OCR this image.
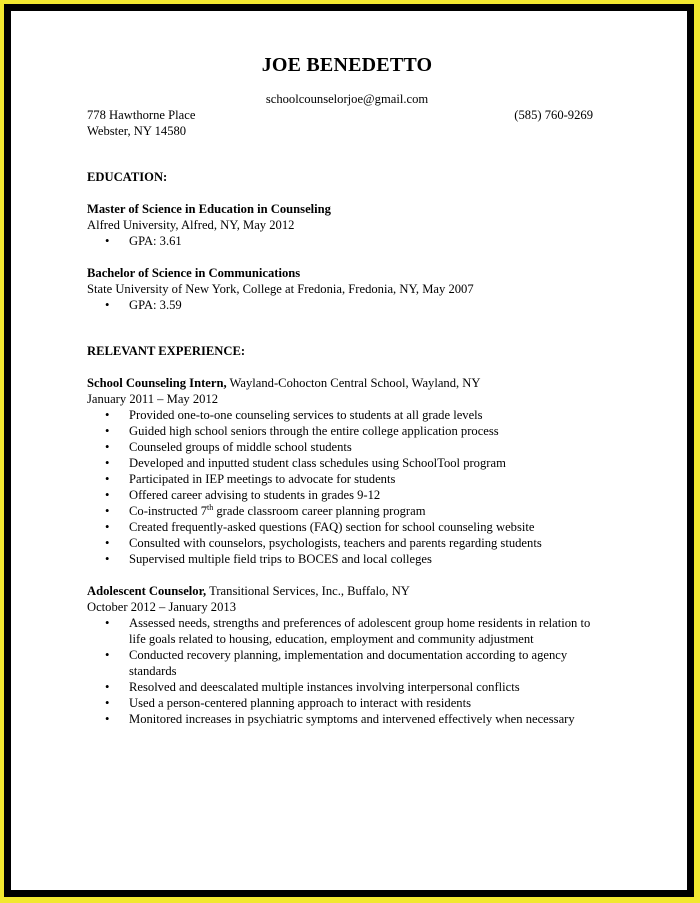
JOE BENEDETTO
schoolcounselorjoe@gmail.com
778 Hawthorne Place	(585) 760-9269
Webster, NY 14580
EDUCATION:
Master of Science in Education in Counseling
Alfred University, Alfred, NY, May 2012
• GPA: 3.61
Bachelor of Science in Communications
State University of New York, College at Fredonia, Fredonia, NY, May 2007
• GPA: 3.59
RELEVANT EXPERIENCE:
School Counseling Intern, Wayland-Cohocton Central School, Wayland, NY
January 2011 – May 2012
• Provided one-to-one counseling services to students at all grade levels
• Guided high school seniors through the entire college application process
• Counseled groups of middle school students
• Developed and inputted student class schedules using SchoolTool program
• Participated in IEP meetings to advocate for students
• Offered career advising to students in grades 9-12
• Co-instructed 7th grade classroom career planning program
• Created frequently-asked questions (FAQ) section for school counseling website
• Consulted with counselors, psychologists, teachers and parents regarding students
• Supervised multiple field trips to BOCES and local colleges
Adolescent Counselor, Transitional Services, Inc., Buffalo, NY
October 2012 – January 2013
• Assessed needs, strengths and preferences of adolescent group home residents in relation to life goals related to housing, education, employment and community adjustment
• Conducted recovery planning, implementation and documentation according to agency standards
• Resolved and deescalated multiple instances involving interpersonal conflicts
• Used a person-centered planning approach to interact with residents
• Monitored increases in psychiatric symptoms and intervened effectively when necessary
